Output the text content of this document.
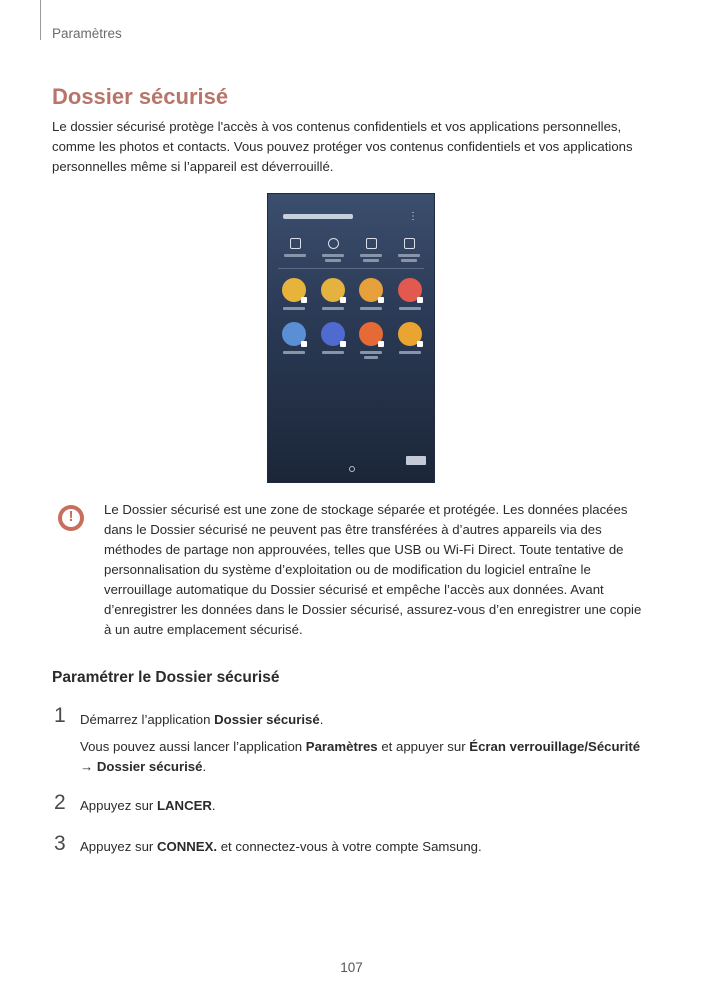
Paramètres
Dossier sécurisé

Le dossier sécurisé protège l'accès à vos contenus confidentiels et vos applications personnelles, comme les photos et contacts. Vous pouvez protéger vos contenus confidentiels et vos applications personnelles même si l’appareil est déverrouillé.

⋮
!

Le Dossier sécurisé est une zone de stockage séparée et protégée. Les données placées dans le Dossier sécurisé ne peuvent pas être transférées à d’autres appareils via des méthodes de partage non approuvées, telles que USB ou Wi-Fi Direct. Toute tentative de personnalisation du système d’exploitation ou de modification du logiciel entraîne le verrouillage automatique du Dossier sécurisé et empêche l’accès aux données. Avant d’enregistrer les données dans le Dossier sécurisé, assurez-vous d’en enregistrer une copie à un autre emplacement sécurisé.

Paramétrer le Dossier sécurisé
1 Démarrez l’application Dossier sécurisé.

Vous pouvez aussi lancer l’application Paramètres et appuyer sur Écran verrouillage/Sécurité
→ Dossier sécurisé.

2 Appuyez sur LANCER.

3 Appuyez sur CONNEX. et connectez-vous à votre compte Samsung.

107
